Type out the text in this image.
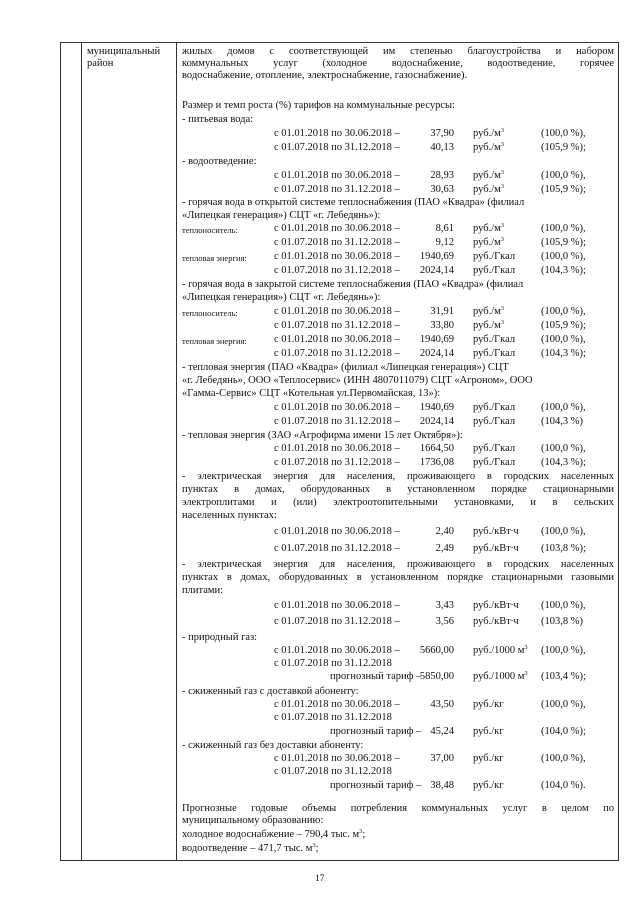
муниципальный
район
жилых домов с соответствующей им степенью благоустройства и набором
коммунальных услуг (холодное водоснабжение, водоотведение, горячее
водоснабжение, отопление, электроснабжение, газоснабжение).
Размер и темп роста (%) тарифов на коммунальные ресурсы:
- питьевая вода:
с 01.01.2018 по 30.06.2018 –	37,90 $руб./м^3$	(100,0 %),
с 01.07.2018 по 31.12.2018 –	40,13 $руб./м^3$	(105,9 %);
- водоотведение:
с 01.01.2018 по 30.06.2018 –	28,93 $руб./м^3$	(100,0 %),
с 01.07.2018 по 31.12.2018 –	30,63 $руб./м^3$	(105,9 %);
- горячая вода в открытой системе теплоснабжения (ПАО «Квадра» (филиал
«Липецкая генерация») СЦТ «г. Лебедянь»):
теплоноситель:	с 01.01.2018 по 30.06.2018 –	8,61 $руб./м^3$	(100,0 %),
с 01.07.2018 по 31.12.2018 –	9,12 $руб./м^3$	(105,9 %);
тепловая энергия:	с 01.01.2018 по 30.06.2018 –	1940,69 руб./Гкал (100,0 %),
с 01.07.2018 по 31.12.2018 –	2024,14 руб./Гкал (104,3 %);
- горячая вода в закрытой системе теплоснабжения (ПАО «Квадра» (филиал
«Липецкая генерация») СЦТ «г. Лебедянь»):
теплоноситель:	с 01.01.2018 по 30.06.2018 –	31,91 $руб./м^3$	(100,0 %),
с 01.07.2018 по 31.12.2018 –	33,80 $руб./м^3$	(105,9 %);
тепловая энергия:	с 01.01.2018 по 30.06.2018 –	1940,69 руб./Гкал (100,0 %),
с 01.07.2018 по 31.12.2018 –	2024,14 руб./Гкал (104,3 %);
- тепловая энергия (ПАО «Квадра» (филиал «Липецкая генерация») СЦТ
«г. Лебедянь», ООО «Теплосервис» (ИНН 4807011079) СЦТ «Агроном», ООО
«Гамма-Сервис» СЦТ «Котельная ул.Первомайская, 13»):
с 01.01.2018 по 30.06.2018 –	1940,69 руб./Гкал (100,0 %),
с 01.07.2018 по 31.12.2018 –	2024,14 руб./Гкал (104,3 %)
- тепловая энергия (ЗАО «Агрофирма имени 15 лет Октября»):
с 01.01.2018 по 30.06.2018 –	1664,50 руб./Гкал (100,0 %),
с 01.07.2018 по 31.12.2018 –	1736,08 руб./Гкал (104,3 %);
- электрическая энергия для населения, проживающего в городских населенных
пунктах в домах, оборудованных в установленном порядке стационарными
электроплитами и (или) электроотопительными установками, и в сельских
населенных пунктах:
с 01.01.2018 по 30.06.2018 –	2,40 руб./кВт∙ч (100,0 %),
с 01.07.2018 по 31.12.2018 –	2,49 руб./кВт∙ч (103,8 %);
- электрическая энергия для населения, проживающего в городских населенных
пунктах в домах, оборудованных в установленном порядке стационарными газовыми
плитами:
с 01.01.2018 по 30.06.2018 –	3,43 руб./кВт∙ч (100,0 %),
с 01.07.2018 по 31.12.2018 –	3,56 руб./кВт∙ч (103,8 %)
- природный газ:
с 01.01.2018 по 30.06.2018 –	5660,00 руб./1000 $м^3$ (100,0 %),
с 01.07.2018 по 31.12.2018
прогнозный тариф –
5850,00 руб./1000 $м^3$ (103,4 %);
- сжиженный газ с доставкой абоненту:
с 01.01.2018 по 30.06.2018 –	43,50 руб./кг	(100,0 %),
с 01.07.2018 по 31.12.2018
прогнозный тариф – 45,24 руб./кг	(104,0 %);
- сжиженный газ без доставки абоненту:
с 01.01.2018 по 30.06.2018 –	37,00 руб./кг	(100,0 %),
с 01.07.2018 по 31.12.2018
прогнозный тариф – 38,48 руб./кг	(104,0 %).
Прогнозные годовые объемы потребления коммунальных услуг в целом по
муниципальному образованию:
холодное водоснабжение – 790,4 тыс. $м^3$;
водоотведение – 471,7 тыс. $м^3$;
17
